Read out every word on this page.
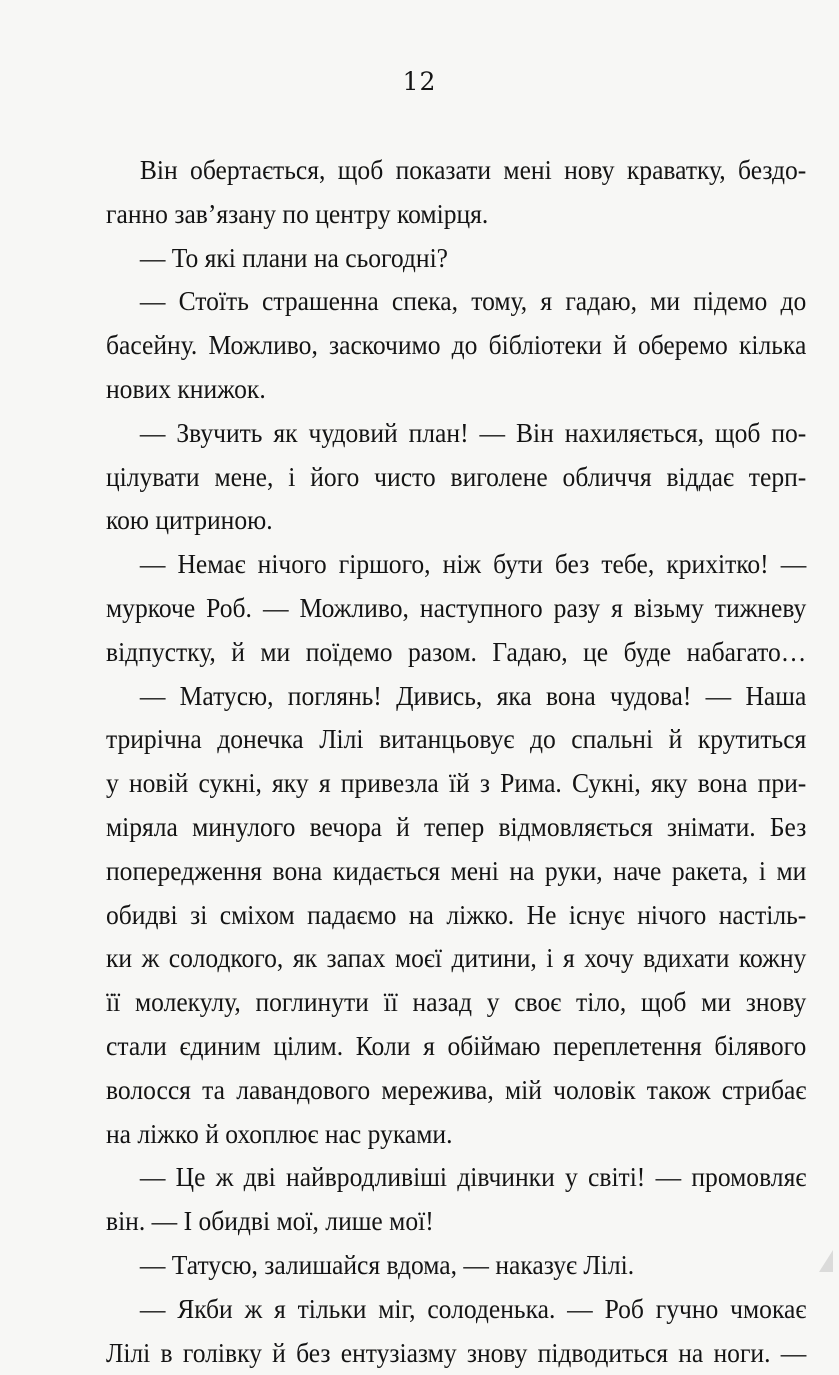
12
Він обертається, щоб показати мені нову краватку, бездо-
ганно зав’язану по центру комірця.
— То які плани на сьогодні?
— Стоїть страшенна спека, тому, я гадаю, ми підемо до
басейну. Можливо, заскочимо до бібліотеки й оберемо кілька
нових книжок.
— Звучить як чудовий план! — Він нахиляється, щоб по-
цілувати мене, і його чисто виголене обличчя віддає терп-
кою цитриною.
— Немає нічого гіршого, ніж бути без тебе, крихітко! —
муркоче Роб. — Можливо, наступного разу я візьму тижневу
відпустку, й ми поїдемо разом. Гадаю, це буде набагато…
— Матусю, поглянь! Дивись, яка вона чудова! — Наша
трирічна донечка Лілі витанцьовує до спальні й крутиться
у новій сукні, яку я привезла їй з Рима. Сукні, яку вона при-
міряла минулого вечора й тепер відмовляється знімати. Без
попередження вона кидається мені на руки, наче ракета, і ми
обидві зі сміхом падаємо на ліжко. Не існує нічого настіль-
ки ж солодкого, як запах моєї дитини, і я хочу вдихати кожну
її молекулу, поглинути її назад у своє тіло, щоб ми знову
стали єдиним цілим. Коли я обіймаю переплетення білявого
волосся та лавандового мережива, мій чоловік також стрибає
на ліжко й охоплює нас руками.
— Це ж дві найвродливіші дівчинки у світі! — промовляє
він. — І обидві мої, лише мої!
— Татусю, залишайся вдома, — наказує Лілі.
— Якби ж я тільки міг, солоденька. — Роб гучно чмокає
Лілі в голівку й без ентузіазму знову підводиться на ноги. —
